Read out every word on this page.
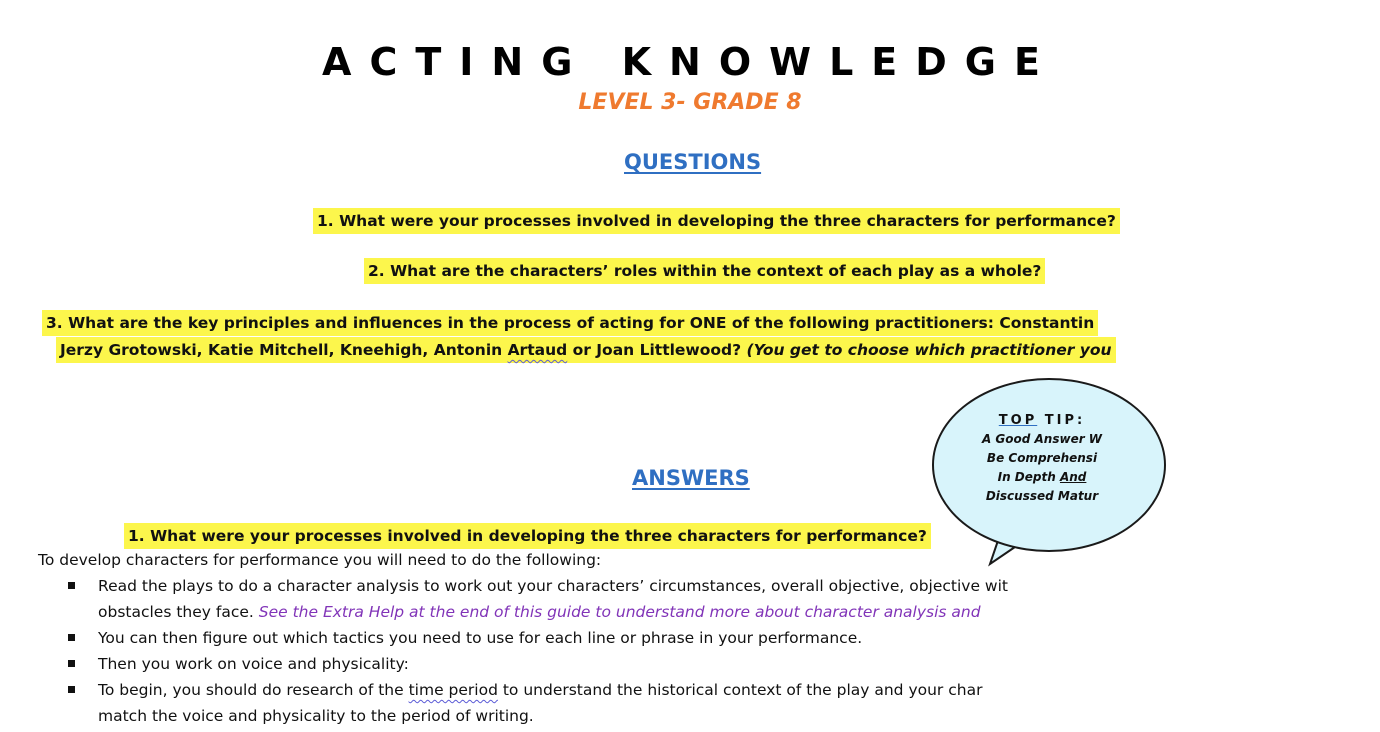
ACTING KNOWLEDGE
LEVEL 3- GRADE 8
QUESTIONS
1. What were your processes involved in developing the three characters for performance?
2. What are the characters’ roles within the context of each play as a whole?
3. What are the key principles and influences in the process of acting for ONE of the following practitioners: Constantin
Jerzy Grotowski, Katie Mitchell, Kneehigh, Antonin Artaud or Joan Littlewood? (You get to choose which practitioner you
TOP TIP:
A Good Answer W
Be Comprehensi
In Depth And
Discussed Matur
ANSWERS
1. What were your processes involved in developing the three characters for performance?
To develop characters for performance you will need to do the following:
Read the plays to do a character analysis to work out your characters’ circumstances, overall objective, objective wit
obstacles they face. See the Extra Help at the end of this guide to understand more about character analysis and
You can then figure out which tactics you need to use for each line or phrase in your performance.
Then you work on voice and physicality:
To begin, you should do research of the time period to understand the historical context of the play and your char
match the voice and physicality to the period of writing.
